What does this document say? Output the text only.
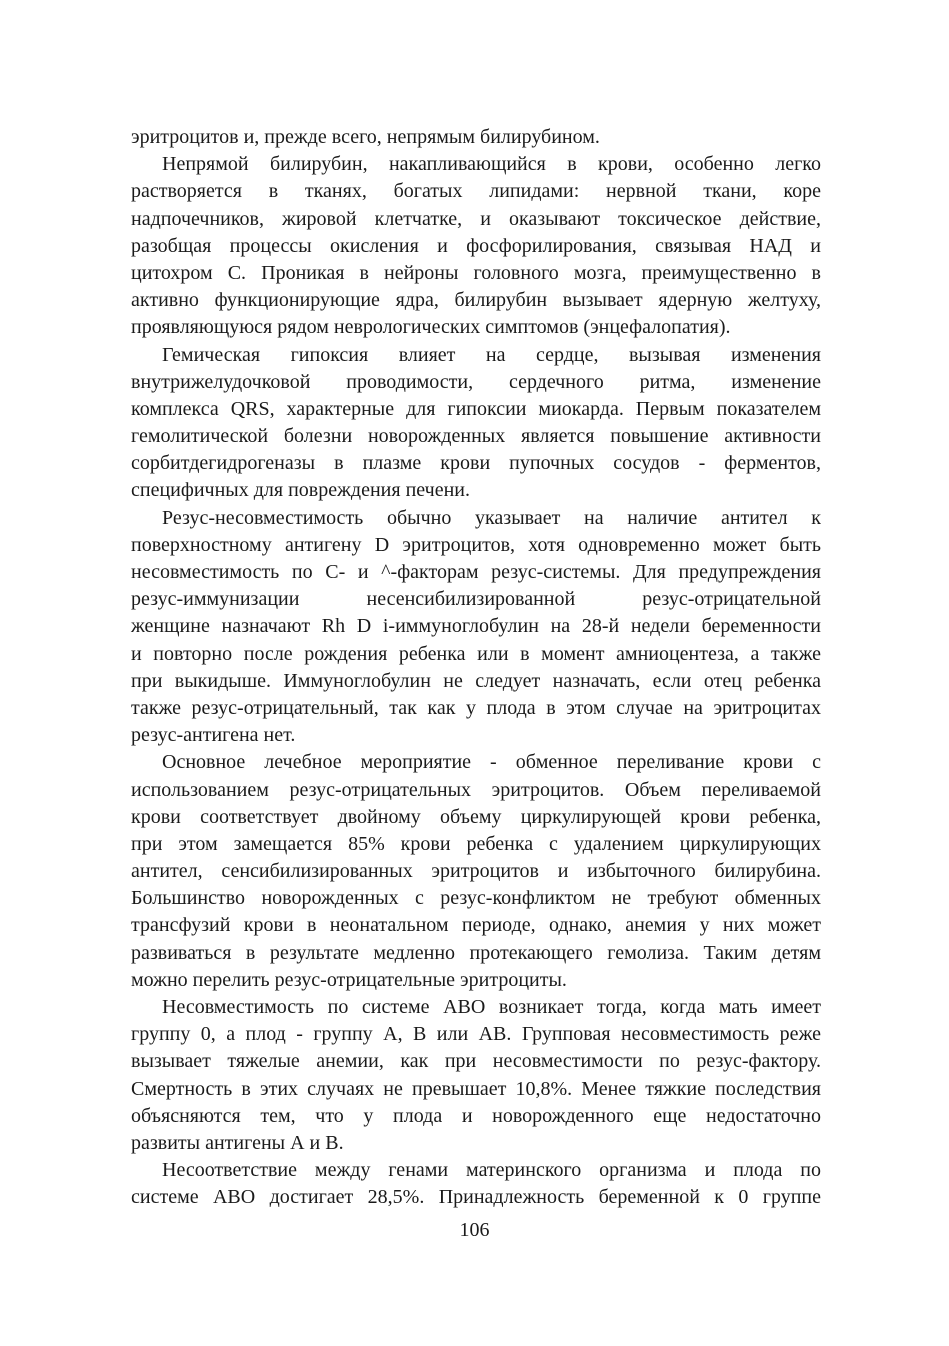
эритроцитов и, прежде всего, непрямым билирубином.
Непрямой билирубин, накапливающийся в крови, особенно легко
растворяется в тканях, богатых липидами: нервной ткани, коре
надпочечников, жировой клетчатке, и оказывают токсическое действие,
разобщая процессы окисления и фосфорилирования, связывая НАД и
цитохром С. Проникая в нейроны головного мозга, преимущественно в
активно функционирующие ядра, билирубин вызывает ядерную желтуху,
проявляющуюся рядом неврологических симптомов (энцефалопатия).
Гемическая гипоксия влияет на сердце, вызывая изменения
внутрижелудочковой проводимости, сердечного ритма, изменение
комплекса QRS, характерные для гипоксии миокарда. Первым показателем
гемолитической болезни новорожденных является повышение активности
сорбитдегидрогеназы в плазме крови пупочных сосудов - ферментов,
специфичных для повреждения печени.
Резус-несовместимость обычно указывает на наличие антител к
поверхностному антигену D эритроцитов, хотя одновременно может быть
несовместимость по С- и ^-факторам резус-системы. Для предупреждения
резус-иммунизации несенсибилизированной резус-отрицательной
женщине назначают Rh D i-иммуноглобулин на 28-й недели беременности
и повторно после рождения ребенка или в момент амниоцентеза, а также
при выкидыше. Иммуноглобулин не следует назначать, если отец ребенка
также резус-отрицательный, так как у плода в этом случае на эритроцитах
резус-антигена нет.
Основное лечебное мероприятие - обменное переливание крови с
использованием резус-отрицательных эритроцитов. Объем переливаемой
крови соответствует двойному объему циркулирующей крови ребенка,
при этом замещается 85% крови ребенка с удалением циркулирующих
антител, сенсибилизированных эритроцитов и избыточного билирубина.
Большинство новорожденных с резус-конфликтом не требуют обменных
трансфузий крови в неонатальном периоде, однако, анемия у них может
развиваться в результате медленно протекающего гемолиза. Таким детям
можно перелить резус-отрицательные эритроциты.
Несовместимость по системе АВО возникает тогда, когда мать имеет
группу 0, а плод - группу А, В или АВ. Групповая несовместимость реже
вызывает тяжелые анемии, как при несовместимости по резус-фактору.
Смертность в этих случаях не превышает 10,8%. Менее тяжкие последствия
объясняются тем, что у плода и новорожденного еще недостаточно
развиты антигены А и В.
Несоответствие между генами материнского организма и плода по
системе АВО достигает 28,5%. Принадлежность беременной к 0 группе
106
